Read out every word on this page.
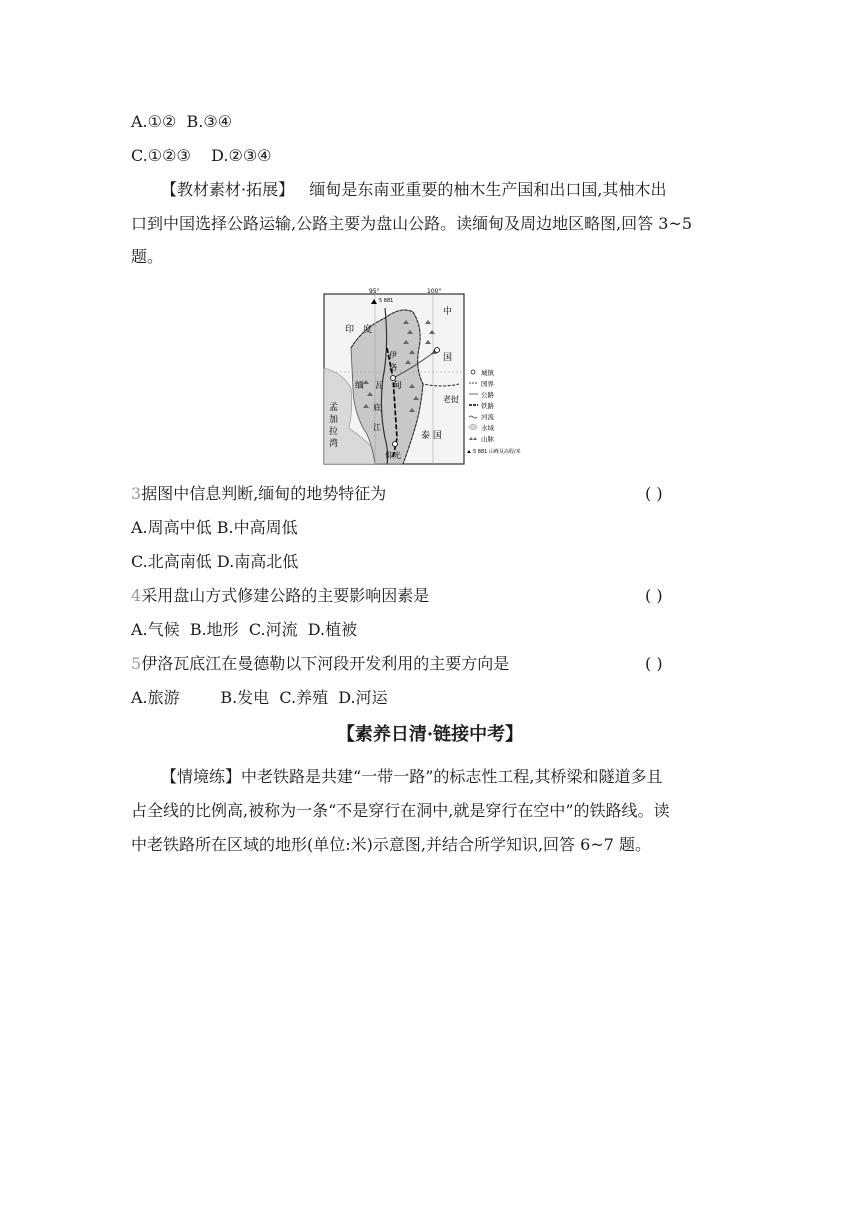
A.①②  B.③④
C.①②③    D.②③④
【教材素材·拓展】 缅甸是东南亚重要的柚木生产国和出口国,其柚木出
口到中国选择公路运输,公路主要为盘山公路。读缅甸及周边地区略图,回答 3~5
题。
5 881
95°	100°
印 度
中
国
缅	甸
泰 国
老挝
孟
加
拉
湾
伊
洛
瓦
底
江
仰光
城镇
国界
公路
铁路
河流
水域
山脉
5 881 山峰及高程/米
3据图中信息判断,缅甸的地势特征为	( )
A.周高中低 B.中高周低
C.北高南低 D.南高北低
4采用盘山方式修建公路的主要影响因素是	( )
A.气候  B.地形  C.河流  D.植被
5伊洛瓦底江在曼德勒以下河段开发利用的主要方向是	( )
A.旅游        B.发电  C.养殖  D.河运
【素养日清·链接中考】
【情境练】中老铁路是共建“一带一路”的标志性工程,其桥梁和隧道多且
占全线的比例高,被称为一条“不是穿行在洞中,就是穿行在空中”的铁路线。读
中老铁路所在区域的地形(单位:米)示意图,并结合所学知识,回答 6~7 题。
